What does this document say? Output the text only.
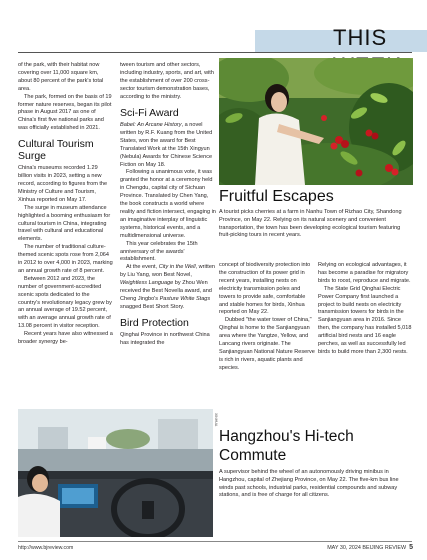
THIS

of the park, with their habitat now covering over 11,000 square km, about 80 percent of the park's total area.

The park, formed on the basis of 19 former nature reserves, began its pilot phase in August 2017 as one of China's first five national parks and was officially established in 2021.

Cultural Tourism Surge

China's museums recorded 1.29 billion visits in 2023, setting a new record, according to figures from the Ministry of Culture and Tourism, Xinhua reported on May 17.

The surge in museum attendance highlighted a booming enthusiasm for cultural tourism in China, integrating travel with cultural and educational elements.

The number of traditional culture-themed scenic spots rose from 2,064 in 2012 to over 4,000 in 2023, marking an annual growth rate of 8 percent.

Between 2012 and 2023, the number of government-accredited scenic spots dedicated to the country's revolutionary legacy grew by an annual average of 19.52 percent, with an average annual growth rate of 13.08 percent in visitor reception.

Recent years have also witnessed a broader synergy be-

tween tourism and other sectors, including industry, sports, and art, with the establishment of over 200 cross-sector tourism demonstration bases, according to the ministry.

Sci-Fi Award

Babel: An Arcane History, a novel written by R.F. Kuang from the United States, won the award for Best Translated Work at the 15th Xingyun (Nebula) Awards for Chinese Science Fiction on May 18.

Following a unanimous vote, it was granted the honor at a ceremony held in Chengdu, capital city of Sichuan Province. Translated by Chen Yang, the book constructs a world where reality and fiction intersect, engaging in an imaginative interplay of linguistic systems, historical events, and a multidimensional universe.

This year celebrates the 15th anniversary of the awards' establishment.

At the event, City in the Well, written by Liu Yang, won Best Novel, Weightless Language by Zhou Wen received the Best Novella award, and Cheng Jingbo's Pasture White Stags snagged Best Short Story.

Bird Protection

Qinghai Province in northwest China has integrated the

Fruitful Escapes
A tourist picks cherries at a farm in Nanhu Town of Rizhao City, Shandong Province, on May 22. Relying on its natural scenery and convenient transportation, the town has been developing ecological tourism featuring fruit-picking tours in recent years.

concept of biodiversity protection into the construction of its power grid in recent years, installing nests on electricity transmission poles and towers to provide safe, comfortable and stable homes for birds, Xinhua reported on May 22.

Dubbed "the water tower of China," Qinghai is home to the Sanjiangyuan area where the Yangtze, Yellow, and Lancang rivers originate. The Sanjiangyuan National Nature Reserve is rich in rivers, aquatic plants and species.

Relying on ecological advantages, it has become a paradise for migratory birds to roost, reproduce and migrate.

The State Grid Qinghai Electric Power Company first launched a project to build nests on electricity transmission towers for birds in the Sanjiangyuan area in 2016. Since then, the company has installed 5,018 artificial bird nests and 16 eagle perches, as well as successfully led birds to build more than 2,300 nests.

XINHUA
Hangzhou's Hi-tech Commute
A supervisor behind the wheel of an autonomously driving minibus in Hangzhou, capital of Zhejiang Province, on May 22. The five-km bus line winds past schools, industrial parks, residential compounds and subway stations, and is free of charge for all citizens.
http://www.bjreview.com	MAY 30, 2024 BEIJING REVIEW 5
